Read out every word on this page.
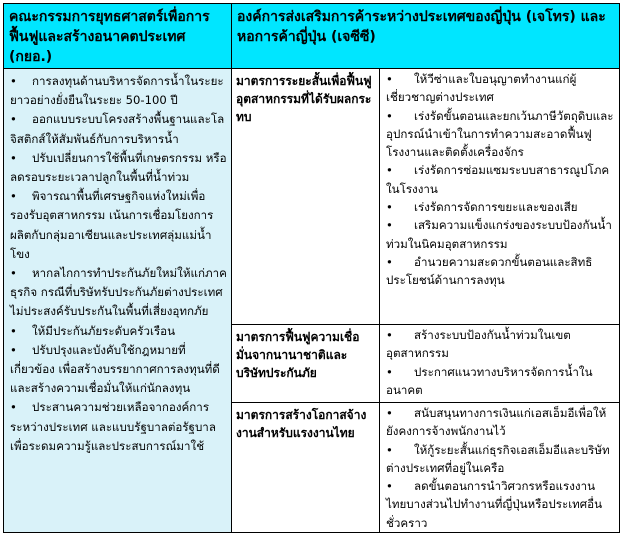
คณะกรรมการยุทธศาสตร์เพื่อการฟื้นฟูและสร้างอนาคตประเทศ (กยอ.)
องค์การส่งเสริมการค้าระหว่างประเทศของญี่ปุ่น (เจโทร) และหอการค้าญี่ปุ่น (เจซีซี)

• การลงทุนด้านบริหารจัดการน้ำในระยะยาวอย่างยั่งยืนในระยะ 50-100 ปี

• ออกแบบระบบโครงสร้างพื้นฐานและโลจิสติกส์ให้สัมพันธ์กับการบริหารน้ำ

• ปรับเปลี่ยนการใช้พื้นที่เกษตรกรรม หรือลดรอบระยะเวลาปลูกในพื้นที่น้ำท่วม

• พิจารณาพื้นที่เศรษฐกิจแห่งใหม่เพื่อรองรับอุตสาหกรรม เน้นการเชื่อมโยงการผลิตกับกลุ่มอาเซียนและประเทศลุ่มแม่น้ำโขง

• หากลไกการทำประกันภัยใหม่ให้แก่ภาคธุรกิจ กรณีที่บริษัทรับประกันภัยต่างประเทศ ไม่ประสงค์รับประกันในพื้นที่เสี่ยงอุทกภัย

• ให้มีประกันภัยระดับครัวเรือน

• ปรับปรุงและบังคับใช้กฎหมายที่เกี่ยวข้อง เพื่อสร้างบรรยากาศการลงทุนที่ดีและสร้างความเชื่อมั่นให้แก่นักลงทุน

• ประสานความช่วยเหลือจากองค์การระหว่างประเทศ และแบบรัฐบาลต่อรัฐบาล เพื่อระดมความรู้และประสบการณ์มาใช้

มาตรการระยะสั้นเพื่อฟื้นฟูอุตสาหกรรมที่ได้รับผลกระทบ

• ให้วีซ่าและใบอนุญาตทำงานแก่ผู้เชี่ยวชาญต่างประเทศ

• เร่งรัดขั้นตอนและยกเว้นภาษีวัตถุดิบและอุปกรณ์นำเข้าในการทำความสะอาดฟื้นฟูโรงงานและติดตั้งเครื่องจักร

• เร่งรัดการซ่อมแซมระบบสาธารณูปโภคในโรงงาน

• เร่งรัดการจัดการขยะและของเสีย

• เสริมความแข็งแกร่งของระบบป้องกันน้ำท่วมในนิคมอุตสาหกรรม

• อำนวยความสะดวกขั้นตอนและสิทธิประโยชน์ด้านการลงทุน

มาตรการฟื้นฟูความเชื่อมั่นจากนานาชาติและบริษัทประกันภัย

• สร้างระบบป้องกันน้ำท่วมในเขตอุตสาหกรรม

• ประกาศแนวทางบริหารจัดการน้ำในอนาคต

มาตรการสร้างโอกาสจ้างงานสำหรับแรงงานไทย

• สนับสนุนทางการเงินแก่เอสเอ็มอีเพื่อให้ยังคงการจ้างพนักงานไว้

• ให้กู้ระยะสั้นแก่ธุรกิจเอสเอ็มอีและบริษัทต่างประเทศที่อยู่ในเครือ

• ลดขั้นตอนการนำวิศวกรหรือแรงงานไทยบางส่วนไปทำงานที่ญี่ปุ่นหรือประเทศอื่นชั่วคราว
